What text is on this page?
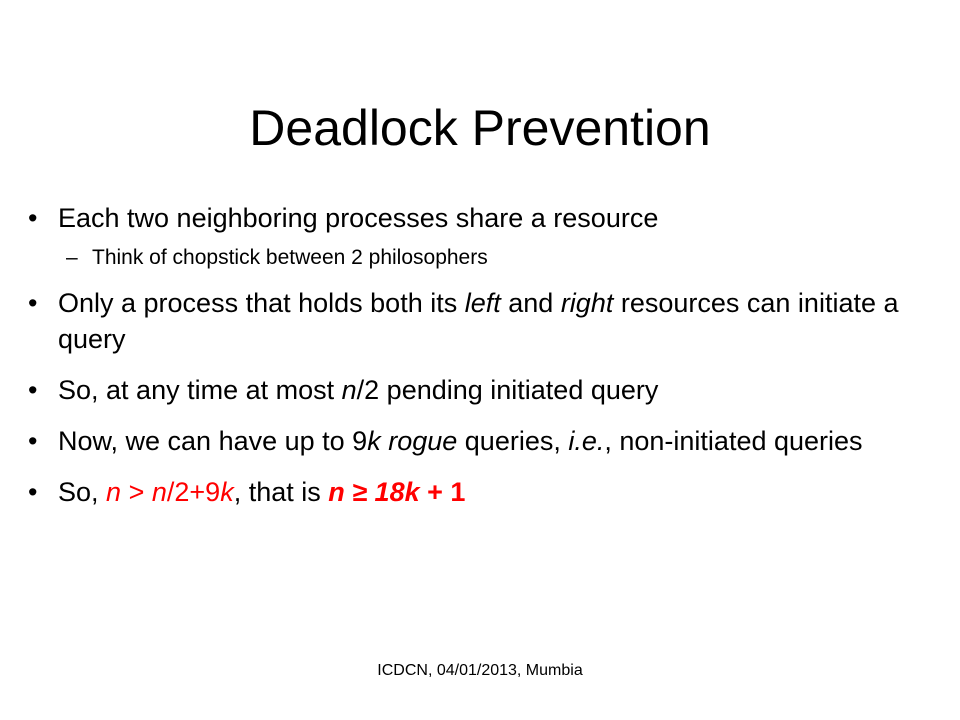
Deadlock Prevention
• Each two neighboring processes share a resource
– Think of chopstick between 2 philosophers
• Only a process that holds both its left and right resources can initiate a query
• So, at any time at most n/2 pending initiated query
• Now, we can have up to 9k rogue queries, i.e., non-initiated queries
• So, n > n/2+9k, that is n ≥ 18k + 1
ICDCN, 04/01/2013, Mumbia
